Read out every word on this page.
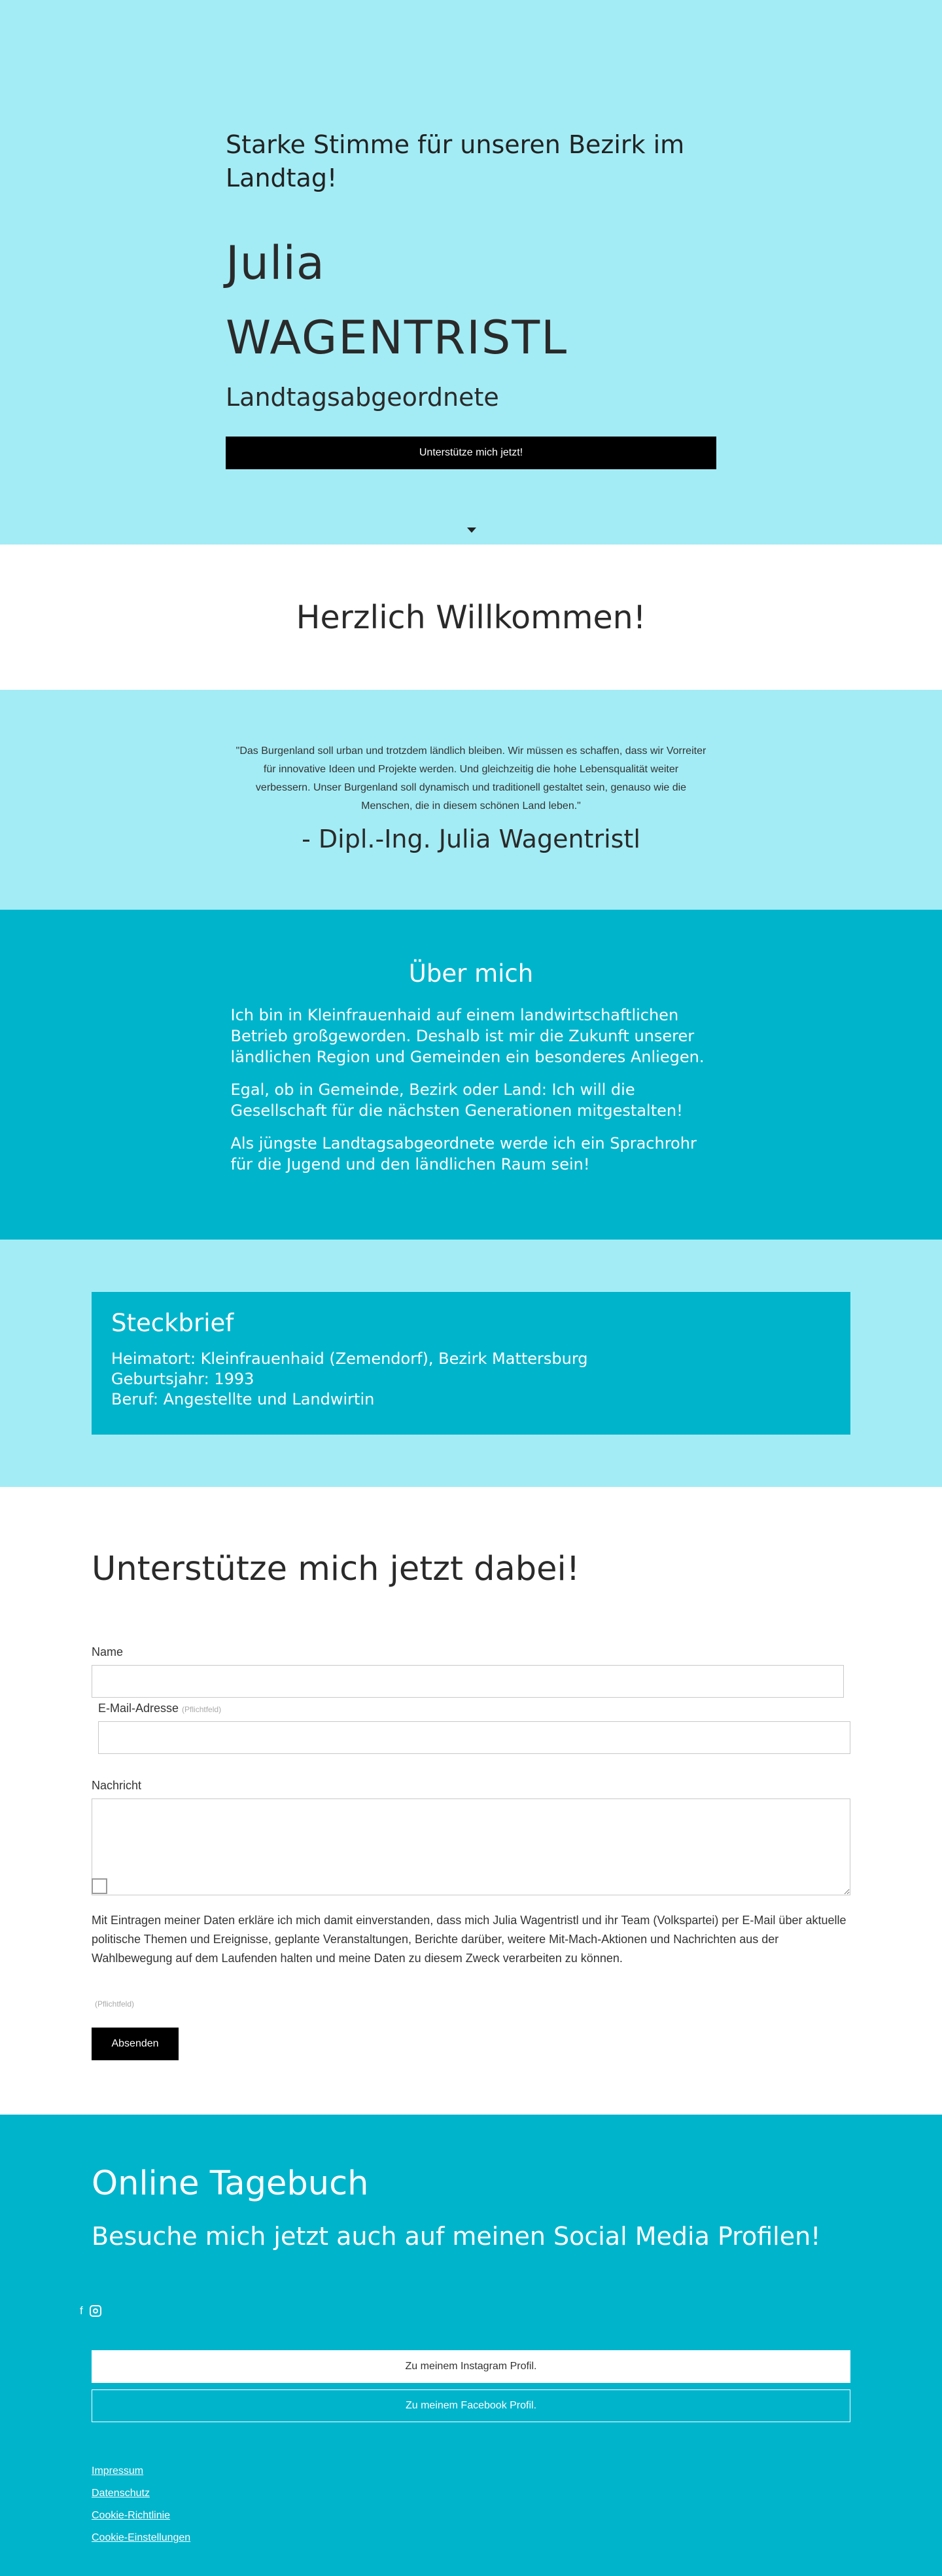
Starke Stimme für unseren Bezirk im Landtag!
Julia
WAGENTRISTL
Landtagsabgeordnete
Unterstütze mich jetzt!
Herzlich Willkommen!
"Das Burgenland soll urban und trotzdem ländlich bleiben. Wir müssen es schaffen, dass wir Vorreiter für innovative Ideen und Projekte werden. Und gleichzeitig die hohe Lebensqualität weiter verbessern. Unser Burgenland soll dynamisch und traditionell gestaltet sein, genauso wie die Menschen, die in diesem schönen Land leben."
- Dipl.-Ing. Julia Wagentristl
Über mich

Ich bin in Kleinfrauenhaid auf einem landwirtschaftlichen Betrieb großgeworden. Deshalb ist mir die Zukunft unserer ländlichen Region und Gemeinden ein besonderes Anliegen.

Egal, ob in Gemeinde, Bezirk oder Land: Ich will die Gesellschaft für die nächsten Generationen mitgestalten!

Als jüngste Landtagsabgeordnete werde ich ein Sprachrohr für die Jugend und den ländlichen Raum sein!

Steckbrief
Heimatort: Kleinfrauenhaid (Zemendorf), Bezirk Mattersburg
Geburtsjahr: 1993
Beruf: Angestellte und Landwirtin
Unterstütze mich jetzt dabei!
Name
E-Mail-Adresse (Pflichtfeld)
Nachricht
Mit Eintragen meiner Daten erkläre ich mich damit einverstanden, dass mich Julia Wagentristl und ihr Team (Volkspartei) per E-Mail über aktuelle politische Themen und Ereignisse, geplante Veranstaltungen, Berichte darüber, weitere Mit-Mach-Aktionen und Nachrichten aus der Wahlbewegung auf dem Laufenden halten und meine Daten zu diesem Zweck verarbeiten zu können.
(Pflichtfeld)
Absenden
Online Tagebuch
Besuche mich jetzt auch auf meinen Social Media Profilen!
f
Zu meinem Instagram Profil.
Zu meinem Facebook Profil.
Impressum
Datenschutz
Cookie-Richtlinie
Cookie-Einstellungen
